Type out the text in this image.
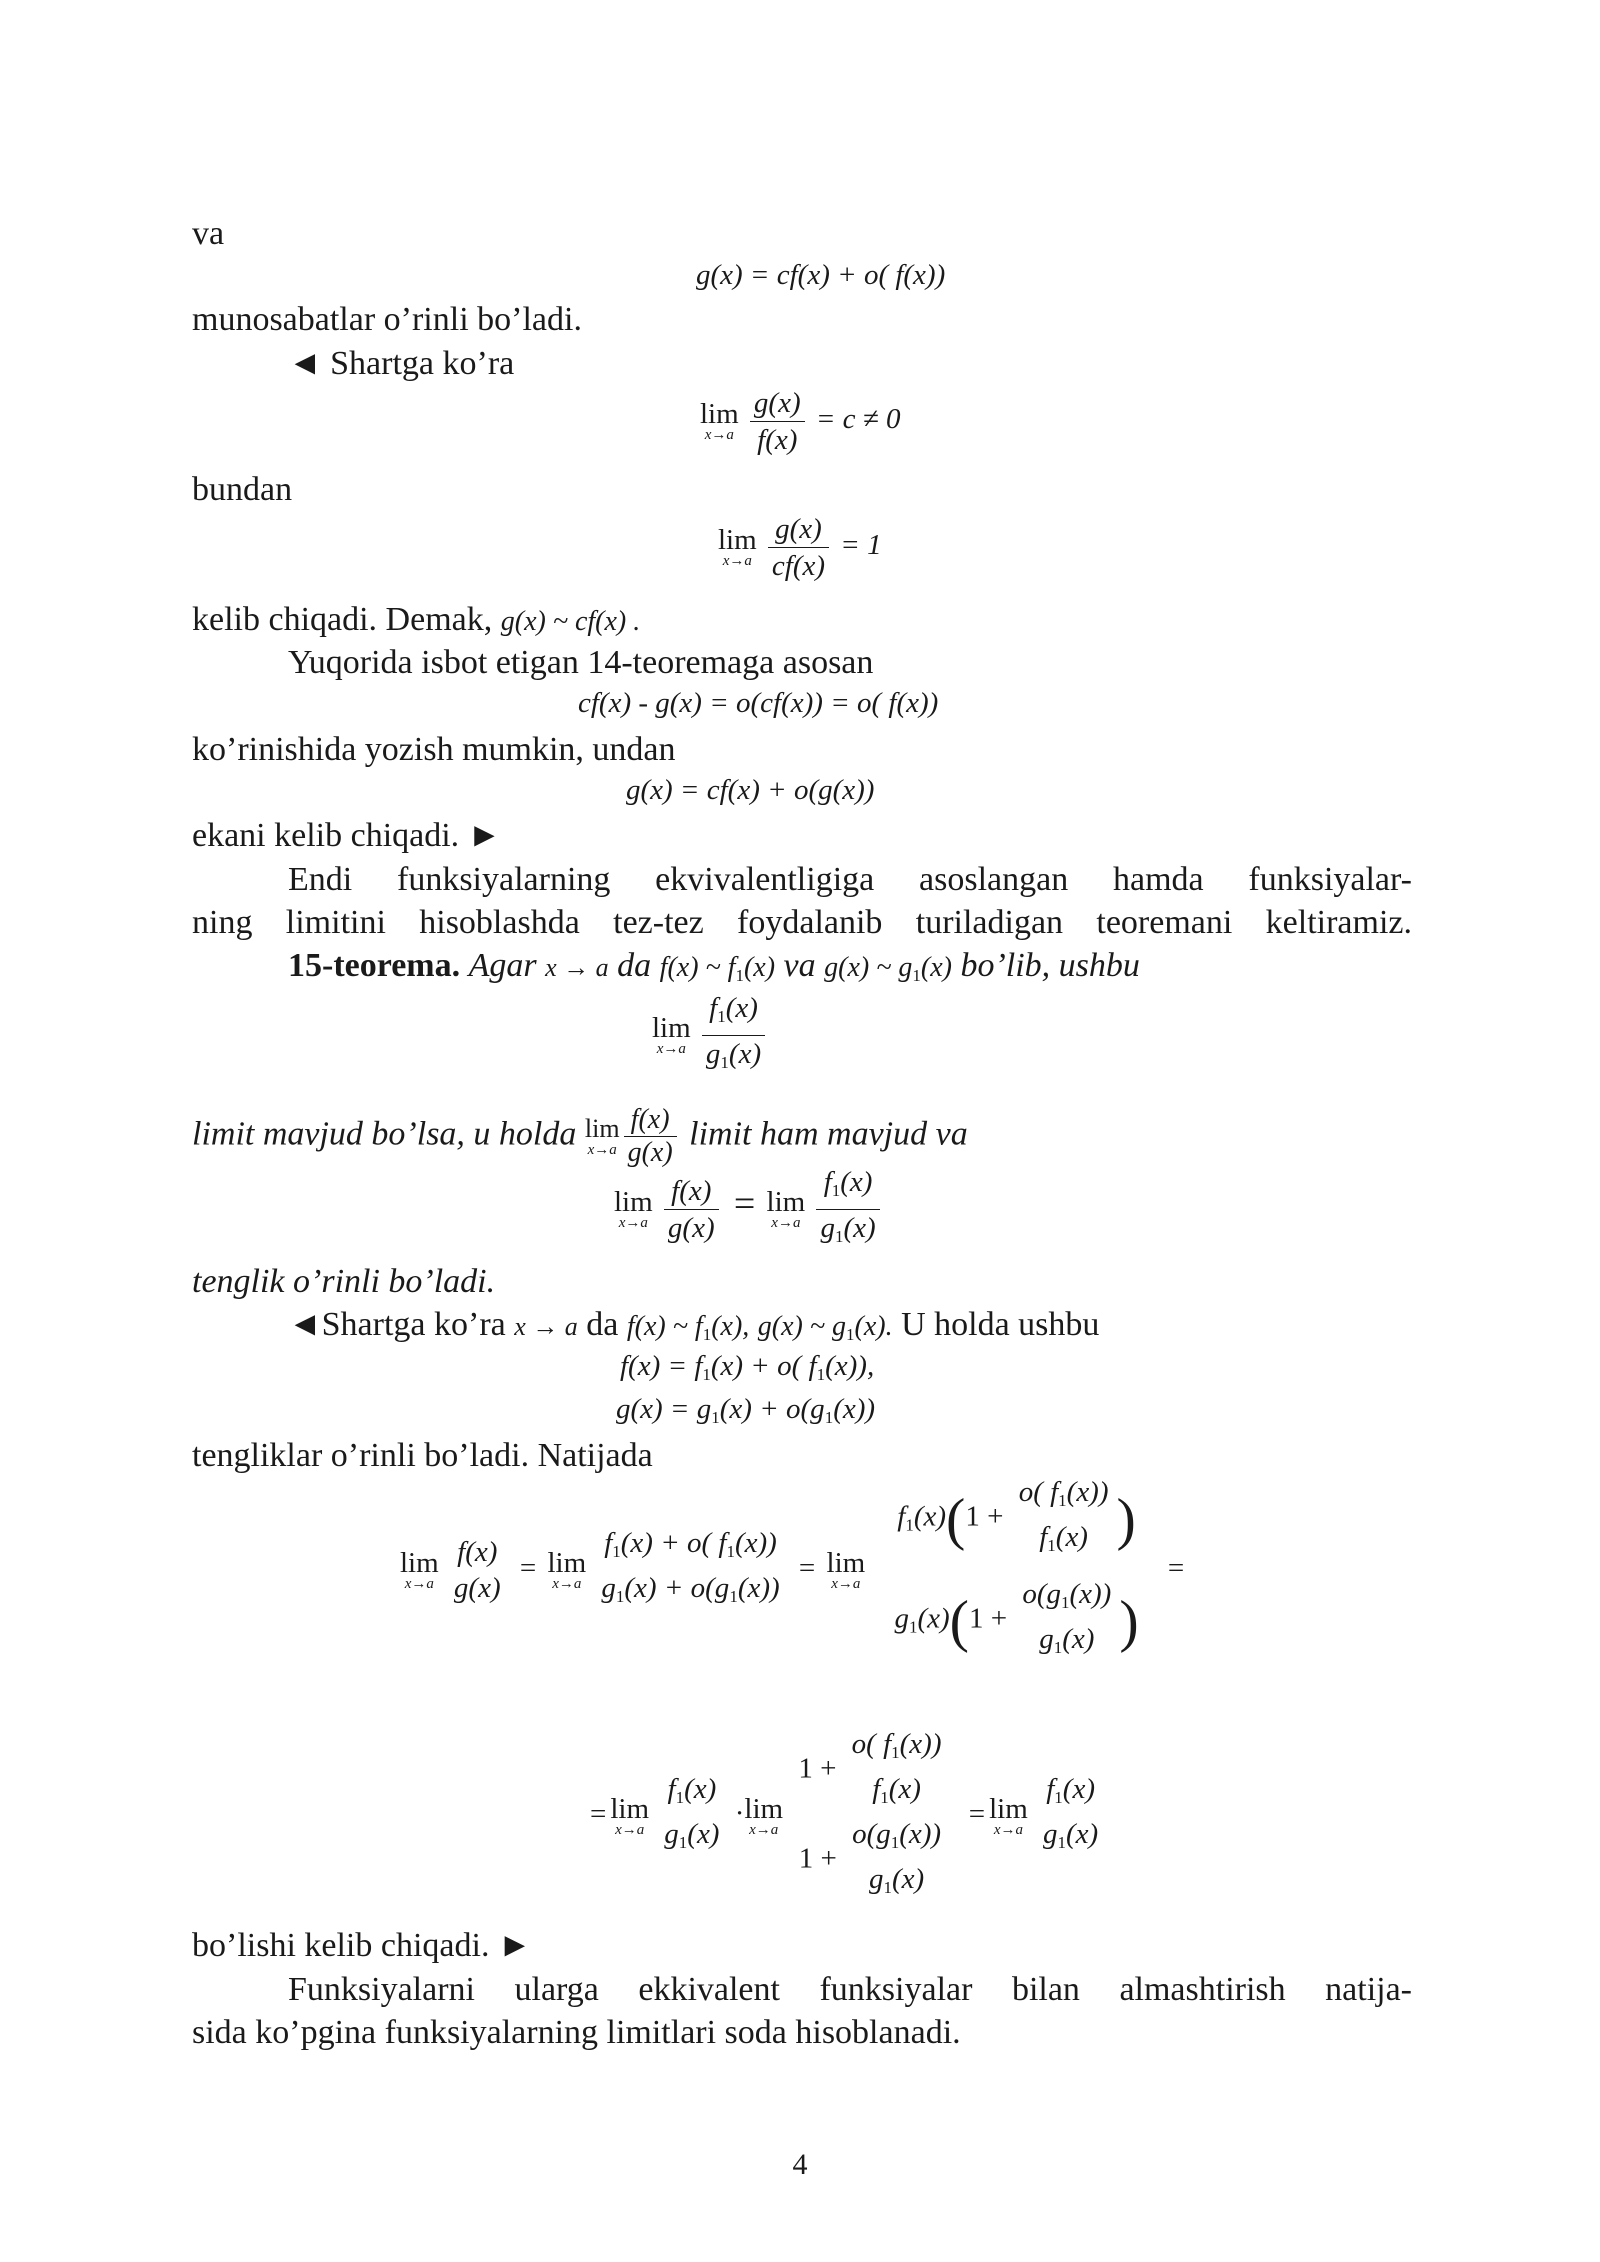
va
g(x) = cf(x) + o( f(x))
munosabatlar o’rinli bo’ladi.
◄ Shartga ko’ra
lim
x→a
$\frac{g(x)}{f(x)} = c \ne 0$
bundan
lim
x→a
$\frac{g(x)}{cf(x)} = 1$
kelib chiqadi. Demak, g(x) ~ cf(x) .
Yuqorida isbot etigan 14-teoremaga asosan
cf(x) - g(x) = o(cf(x)) = o( f(x))
ko’rinishida yozish mumkin, undan
g(x) = cf(x) + o(g(x))
ekani kelib chiqadi. ►
Endi funksiyalarning ekvivalentligiga asoslangan hamda funksiyalar-
ning limitini hisoblashda tez-tez foydalanib turiladigan teoremani keltiramiz.
15-teorema. Agar x → a da f(x) ~ f1(x) va g(x) ~ g1(x) bo’lib, ushbu
lim
x→a
$\frac{f1(x)}{g1(x)}$
limit mavjud bo’lsa, u holda lim
$x\to a \frac{f(x)}{g(x)}$ limit ham mavjud va
lim
x→a
$\frac{f(x)}{g(x)} = \lim$
x→a
$\frac{f1(x)}{g1(x)}$
tenglik o’rinli bo’ladi.
◄Shartga ko’ra x → a da f(x) ~ f1(x), g(x) ~ g1(x). U holda ushbu
f(x) = f1(x) + o( f1(x)),
g(x) = g1(x) + o(g1(x))
tengliklar o’rinli bo’ladi. Natijada
lim
x→a

f(x)
g(x)
= lim
x→a

f1(x) + o( f1(x))
g1(x) + o(g1(x))
= lim
x→a

f1(x)(1 +
o( f1(x))
f1(x) )
g1(x)(1 +
o(g1(x))
g1(x) )
=
= lim
x→a

f1(x)
g1(x)
·lim
x→a

1 +
o( f1(x))
f1(x)
1 +
o(g1(x))
g1(x)
= lim
x→a

f1(x)
g1(x)
bo’lishi kelib chiqadi. ►
Funksiyalarni ularga ekkivalent funksiyalar bilan almashtirish natija-
sida ko’pgina funksiyalarning limitlari soda hisoblanadi.
4
